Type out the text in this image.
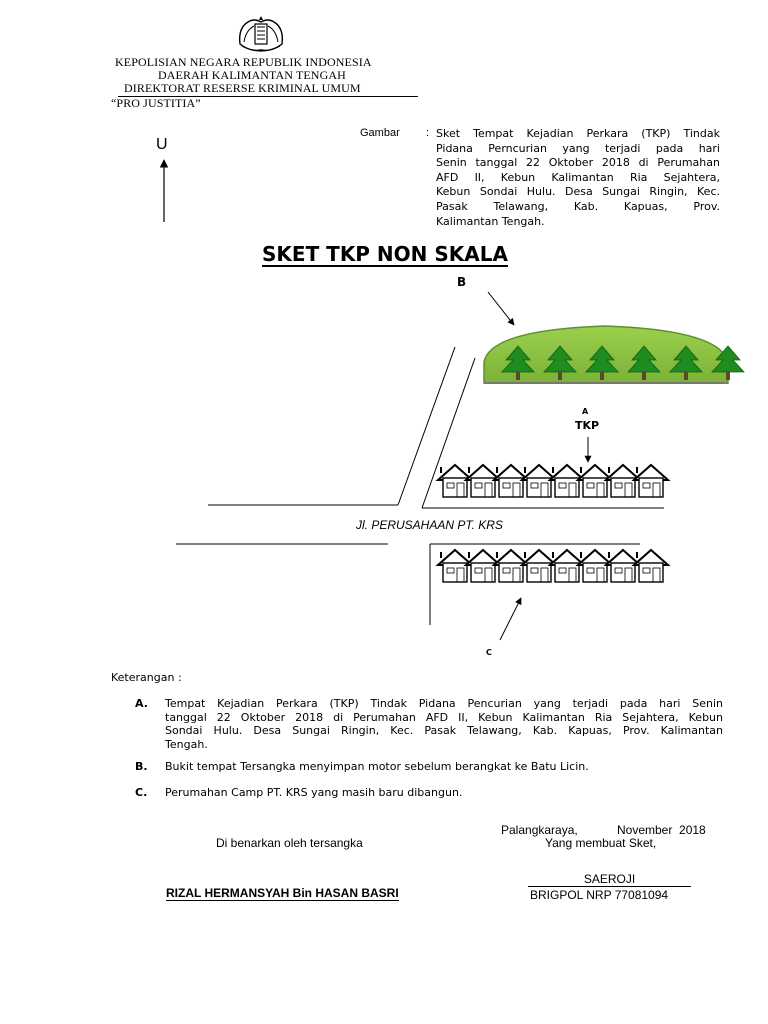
KEPOLISIAN NEGARA REPUBLIK INDONESIA
DAERAH KALIMANTAN TENGAH
DIREKTORAT RESERSE KRIMINAL UMUM
“PRO JUSTITIA”
U
Gambar : Sket Tempat Kejadian Perkara (TKP) Tindak
Pidana Perncurian yang terjadi pada hari
Senin tanggal 22 Oktober 2018 di Perumahan
AFD II, Kebun Kalimantan Ria Sejahtera,
Kebun Sondai Hulu. Desa Sungai Ringin, Kec.
Pasak Telawang, Kab. Kapuas, Prov.
Kalimantan Tengah.
SKET TKP NON SKALA
B
A
TKP
C
Jl. PERUSAHAAN PT. KRS
Keterangan :
A. Tempat Kejadian Perkara (TKP) Tindak Pidana Pencurian yang terjadi pada hari Senin
tanggal 22 Oktober 2018 di Perumahan AFD II, Kebun Kalimantan Ria Sejahtera, Kebun
Sondai Hulu. Desa Sungai Ringin, Kec. Pasak Telawang, Kab. Kapuas, Prov. Kalimantan
Tengah.
B. Bukit tempat Tersangka menyimpan motor sebelum berangkat ke Batu Licin.
C. Perumahan Camp PT. KRS yang masih baru dibangun.
Palangkaraya,	November  2018
Di benarkan oleh tersangka	Yang membuat Sket,
RIZAL HERMANSYAH Bin HASAN BASRI
SAEROJI
BRIGPOL NRP 77081094
